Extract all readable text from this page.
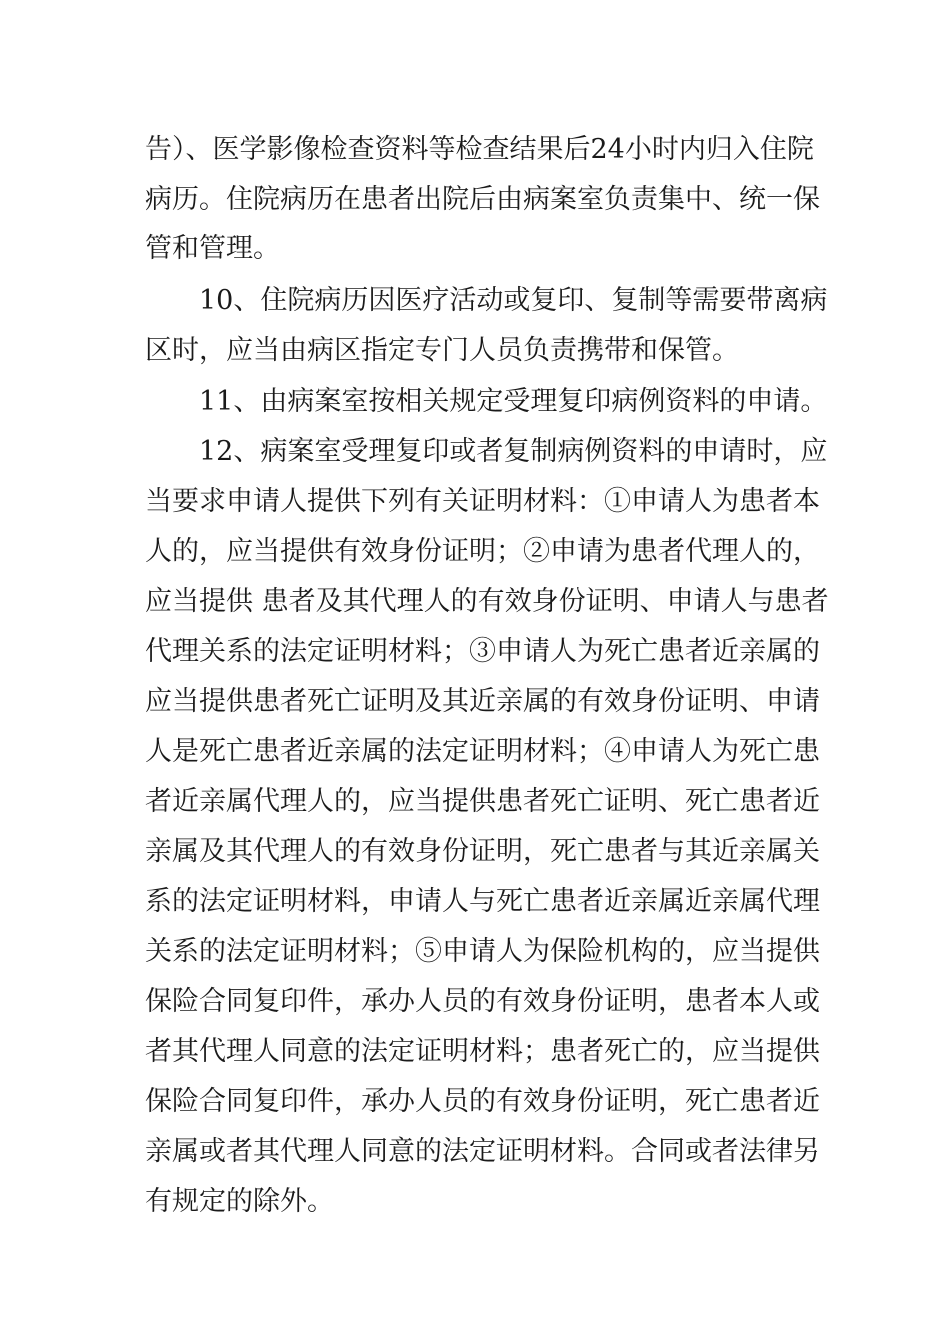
告）、医学影像检查资料等检查结果后24小时内归入住院
病历。住院病历在患者出院后由病案室负责集中、统一保
管和管理。
10、住院病历因医疗活动或复印、复制等需要带离病
区时，应当由病区指定专门人员负责携带和保管。
11、由病案室按相关规定受理复印病例资料的申请。
12、病案室受理复印或者复制病例资料的申请时，应
当要求申请人提供下列有关证明材料：①申请人为患者本
人的，应当提供有效身份证明；②申请为患者代理人的，
应当提供 患者及其代理人的有效身份证明、申请人与患者
代理关系的法定证明材料；③申请人为死亡患者近亲属的
应当提供患者死亡证明及其近亲属的有效身份证明、申请
人是死亡患者近亲属的法定证明材料；④申请人为死亡患
者近亲属代理人的，应当提供患者死亡证明、死亡患者近
亲属及其代理人的有效身份证明，死亡患者与其近亲属关
系的法定证明材料，申请人与死亡患者近亲属近亲属代理
关系的法定证明材料；⑤申请人为保险机构的，应当提供
保险合同复印件，承办人员的有效身份证明，患者本人或
者其代理人同意的法定证明材料；患者死亡的，应当提供
保险合同复印件，承办人员的有效身份证明，死亡患者近
亲属或者其代理人同意的法定证明材料。合同或者法律另
有规定的除外。
